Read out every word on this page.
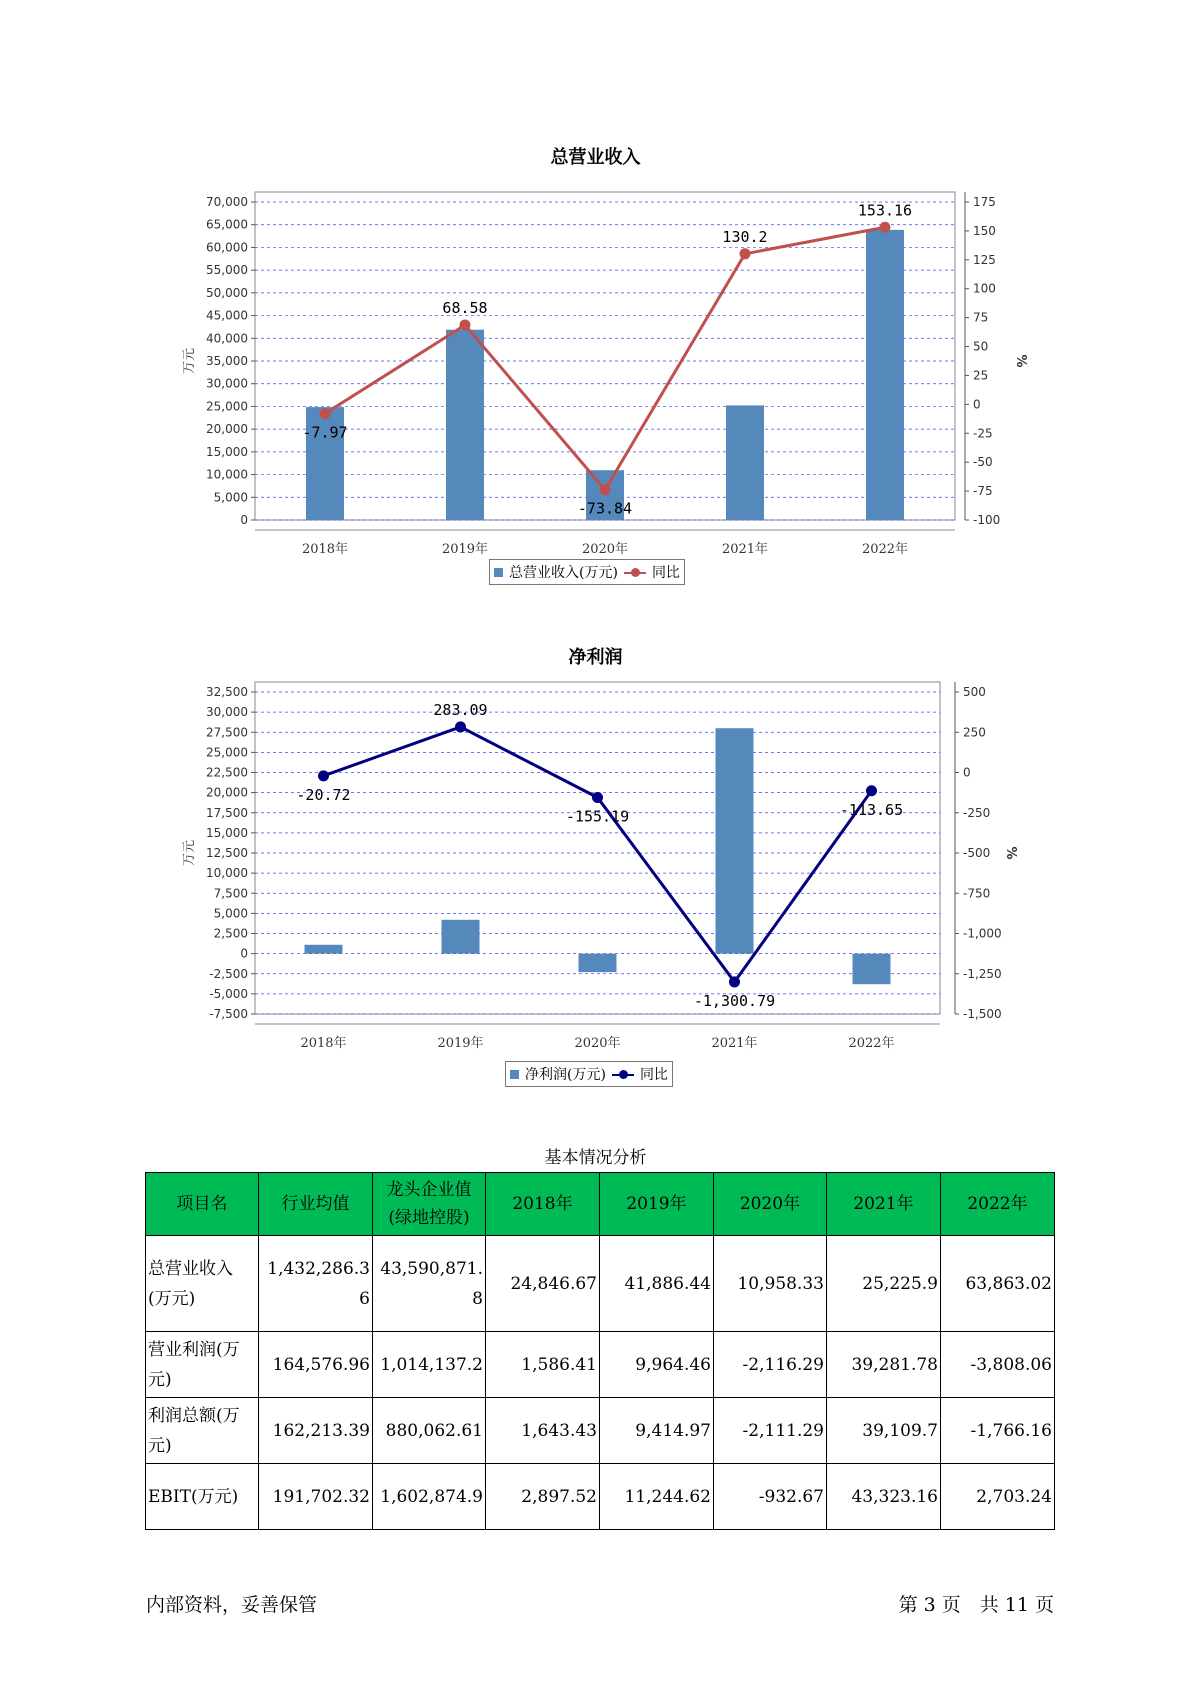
总营业收入
0
5,000
10,000
15,000
20,000
25,000
30,000
35,000
40,000
45,000
50,000
55,000
60,000
65,000
70,000
-100
-75
-50
-25
0
25
50
75
100
125
150
175
万元	%
2018年	2019年	2020年	2021年	2022年
-7.97
68.58
-73.84
130.2
153.16
总营业收入(万元) 同比
净利润
-7,500
-5,000
-2,500
0
2,500
5,000
7,500
10,000
12,500
15,000
17,500
20,000
22,500
25,000
27,500
30,000
32,500
-1,500
-1,250
-1,000
-750
-500
-250
0
250
500
万元	%
2018年	2019年	2020年	2021年	2022年
-20.72
283.09
-155.19
-1,300.79
-113.65
净利润(万元) 同比
基本情况分析
项目名	行业均值	龙头企业值(绿地控股)	2018年	2019年	2020年	2021年	2022年
总营业收入(万元)	1,432,286.36	43,590,871.8	24,846.67	41,886.44	10,958.33	25,225.9	63,863.02
营业利润(万元)	164,576.96	1,014,137.2	1,586.41	9,964.46	-2,116.29	39,281.78	-3,808.06
利润总额(万元)	162,213.39	880,062.61	1,643.43	9,414.97	-2,111.29	39,109.7	-1,766.16
EBIT(万元)	191,702.32	1,602,874.9	2,897.52	11,244.62	-932.67	43,323.16	2,703.24
内部资料，妥善保管	第 3 页　共 11 页
